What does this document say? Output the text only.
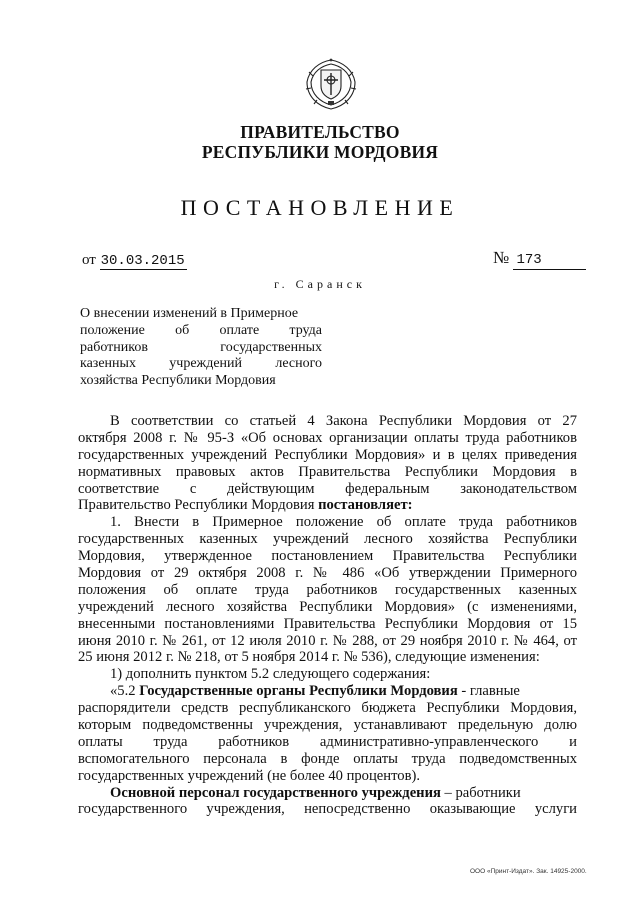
ПРАВИТЕЛЬСТВО
РЕСПУБЛИКИ МОРДОВИЯ
ПОСТАНОВЛЕНИЕ
от 30.03.2015	№ 173
г. Саранск
О внесении изменений в Примерное
положение об оплате труда
работников государственных
казенных учреждений лесного
хозяйства Республики Мордовия
В соответствии со статьей 4 Закона Республики Мордовия от 27
октября 2008 г. № 95-З «Об основах организации оплаты труда работников
государственных учреждений Республики Мордовия» и в целях приведения
нормативных правовых актов Правительства Республики Мордовия в
соответствие с действующим федеральным законодательством
Правительство Республики Мордовия постановляет:
1. Внести в Примерное положение об оплате труда работников
государственных казенных учреждений лесного хозяйства Республики
Мордовия, утвержденное постановлением Правительства Республики
Мордовия от 29 октября 2008 г. № 486 «Об утверждении Примерного
положения об оплате труда работников государственных казенных
учреждений лесного хозяйства Республики Мордовия» (с изменениями,
внесенными постановлениями Правительства Республики Мордовия от 15
июня 2010 г. № 261, от 12 июля 2010 г. № 288, от 29 ноября 2010 г. № 464, от
25 июня 2012 г. № 218, от 5 ноября 2014 г. № 536), следующие изменения:
1) дополнить пунктом 5.2 следующего содержания:
«5.2 Государственные органы Республики Мордовия - главные
распорядители средств республиканского бюджета Республики Мордовия,
которым подведомственны учреждения, устанавливают предельную долю
оплаты труда работников административно-управленческого и
вспомогательного персонала в фонде оплаты труда подведомственных
государственных учреждений (не более 40 процентов).
Основной персонал государственного учреждения – работники
государственного учреждения, непосредственно оказывающие услуги
ООО «Принт-Издат». Зак. 14925-2000.
